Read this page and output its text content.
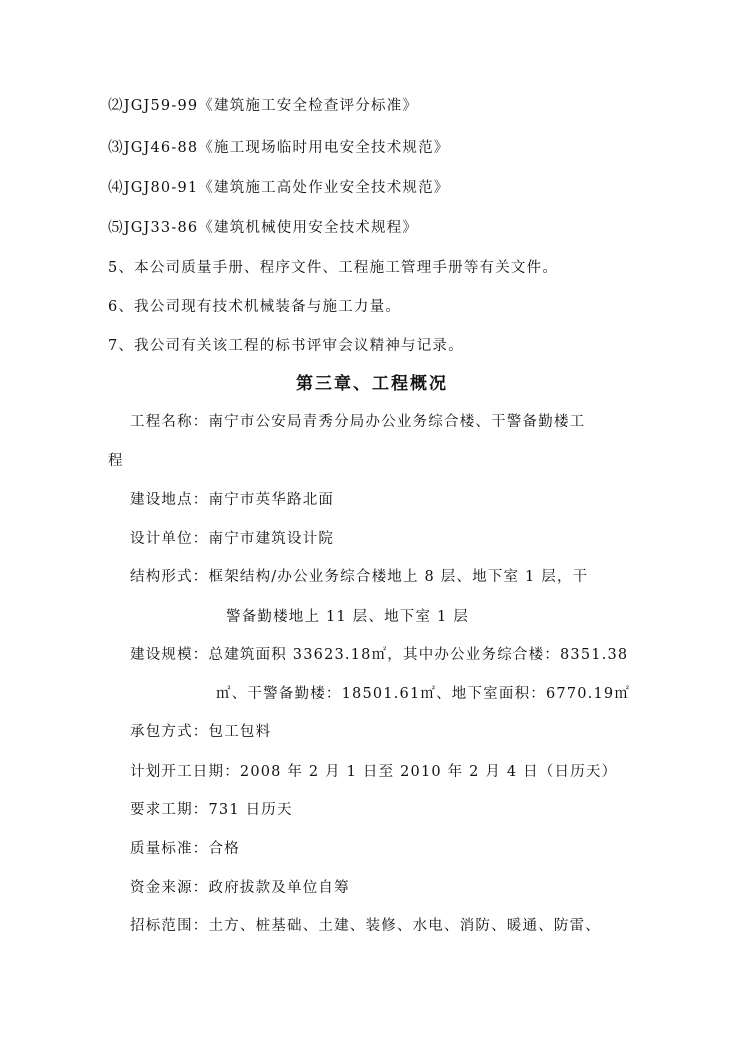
⑵JGJ59-99《建筑施工安全检查评分标准》
⑶JGJ46-88《施工现场临时用电安全技术规范》
⑷JGJ80-91《建筑施工高处作业安全技术规范》
⑸JGJ33-86《建筑机械使用安全技术规程》
5、本公司质量手册、程序文件、工程施工管理手册等有关文件。
6、我公司现有技术机械装备与施工力量。
7、我公司有关该工程的标书评审会议精神与记录。
第三章、工程概况
工程名称：南宁市公安局青秀分局办公业务综合楼、干警备勤楼工
程
建设地点：南宁市英华路北面
设计单位：南宁市建筑设计院
结构形式：框架结构/办公业务综合楼地上 8 层、地下室 1 层，干
警备勤楼地上 11 层、地下室 1 层
建设规模：总建筑面积 33623.18㎡，其中办公业务综合楼：8351.38
㎡、干警备勤楼：18501.61㎡、地下室面积：6770.19㎡
承包方式：包工包料
计划开工日期：2008 年 2 月 1 日至 2010 年 2 月 4 日（日历天）
要求工期：731 日历天
质量标准：合格
资金来源：政府拔款及单位自筹
招标范围：土方、桩基础、土建、装修、水电、消防、暖通、防雷、
